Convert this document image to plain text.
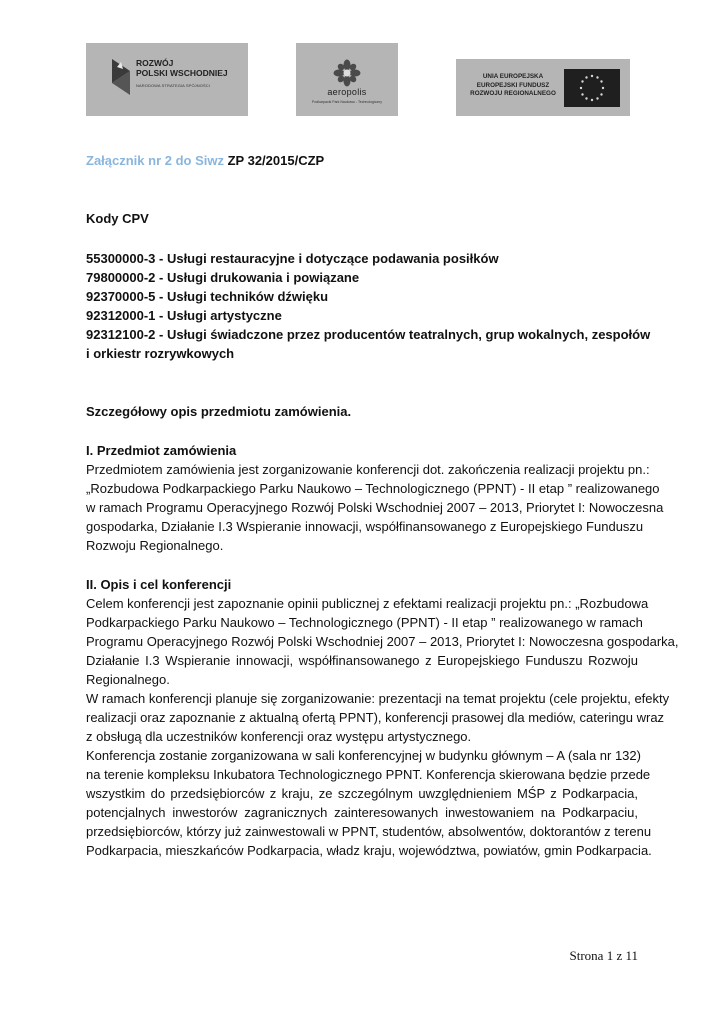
ROZWÓJ
POLSKI WSCHODNIEJ
NARODOWA STRATEGIA SPÓJNOŚCI
aeropolis
Podkarpacki Park Naukowo - Technologiczny
UNIA EUROPEJSKA
EUROPEJSKI FUNDUSZ
ROZWOJU REGIONALNEGO
Załącznik nr 2 do Siwz ZP 32/2015/CZP
Kody CPV
55300000-3 - Usługi restauracyjne i dotyczące podawania posiłków
79800000-2 - Usługi drukowania i powiązane
92370000-5 - Usługi techników dźwięku
92312000-1 - Usługi artystyczne
92312100-2 - Usługi świadczone przez producentów teatralnych, grup wokalnych, zespołów
i orkiestr rozrywkowych
Szczegółowy opis przedmiotu zamówienia.
I. Przedmiot zamówienia
Przedmiotem zamówienia jest zorganizowanie konferencji dot. zakończenia realizacji projektu pn.:
„Rozbudowa Podkarpackiego Parku Naukowo – Technologicznego (PPNT) - II etap ” realizowanego
w ramach Programu Operacyjnego Rozwój Polski Wschodniej 2007 – 2013, Priorytet I: Nowoczesna
gospodarka, Działanie I.3 Wspieranie innowacji, współfinansowanego z Europejskiego Funduszu
Rozwoju Regionalnego.
II. Opis i cel konferencji
Celem konferencji jest zapoznanie opinii publicznej z efektami realizacji projektu pn.: „Rozbudowa
Podkarpackiego Parku Naukowo – Technologicznego (PPNT) - II etap ” realizowanego w ramach
Programu Operacyjnego Rozwój Polski Wschodniej 2007 – 2013, Priorytet I: Nowoczesna gospodarka,
Działanie I.3 Wspieranie innowacji, współfinansowanego z Europejskiego Funduszu Rozwoju
Regionalnego.
W ramach konferencji planuje się zorganizowanie: prezentacji na temat projektu (cele projektu, efekty
realizacji oraz zapoznanie z aktualną ofertą PPNT), konferencji prasowej dla mediów, cateringu wraz
z obsługą dla uczestników konferencji oraz występu artystycznego.
Konferencja zostanie zorganizowana w sali konferencyjnej w budynku głównym – A (sala nr 132)
na terenie kompleksu Inkubatora Technologicznego PPNT. Konferencja skierowana będzie przede
wszystkim do przedsiębiorców z kraju, ze szczególnym uwzględnieniem MŚP z Podkarpacia,
potencjalnych inwestorów zagranicznych zainteresowanych inwestowaniem na Podkarpaciu,
przedsiębiorców, którzy już zainwestowali w PPNT, studentów, absolwentów, doktorantów z terenu
Podkarpacia, mieszkańców Podkarpacia, władz kraju, województwa, powiatów, gmin Podkarpacia.
Strona 1 z 11
